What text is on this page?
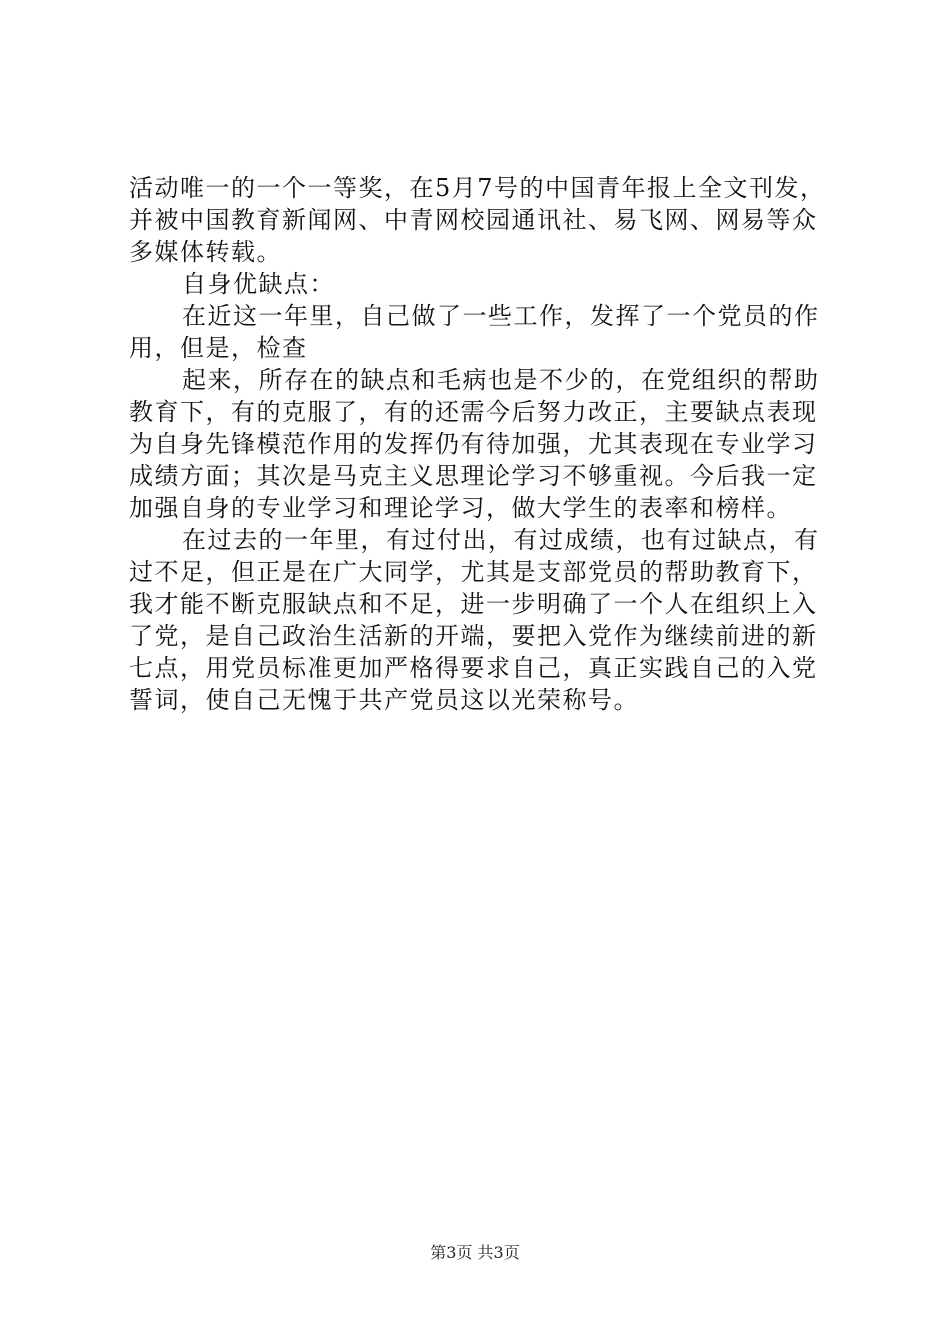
活动唯一的一个一等奖，在5月7号的中国青年报上全文刊发，
并被中国教育新闻网、中青网校园通讯社、易飞网、网易等众
多媒体转载。
自身优缺点：
在近这一年里，自己做了一些工作，发挥了一个党员的作
用，但是，检查
起来，所存在的缺点和毛病也是不少的，在党组织的帮助
教育下，有的克服了，有的还需今后努力改正，主要缺点表现
为自身先锋模范作用的发挥仍有待加强，尤其表现在专业学习
成绩方面；其次是马克主义思理论学习不够重视。今后我一定
加强自身的专业学习和理论学习，做大学生的表率和榜样。
在过去的一年里，有过付出，有过成绩，也有过缺点，有
过不足，但正是在广大同学，尤其是支部党员的帮助教育下，
我才能不断克服缺点和不足，进一步明确了一个人在组织上入
了党，是自己政治生活新的开端，要把入党作为继续前进的新
七点，用党员标准更加严格得要求自己，真正实践自己的入党
誓词，使自己无愧于共产党员这以光荣称号。
第3页 共3页
